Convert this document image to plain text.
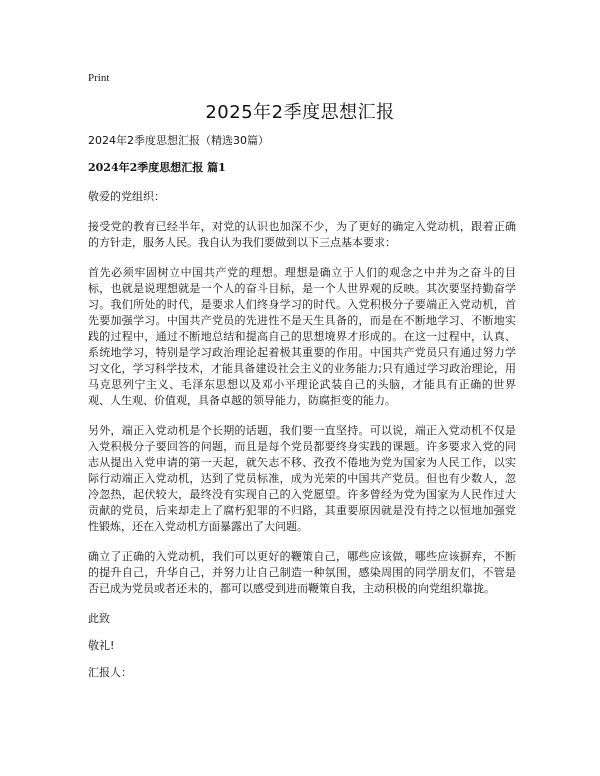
Print
2025年2季度思想汇报

2024年2季度思想汇报（精选30篇）

2024年2季度思想汇报 篇1

敬爱的党组织：

接受党的教育已经半年，对党的认识也加深不少，为了更好的确定入党动机，跟着正确的方针走，服务人民。我自认为我们要做到以下三点基本要求：

首先必须牢固树立中国共产党的理想。理想是确立于人们的观念之中并为之奋斗的目标，也就是说理想就是一个人的奋斗目标，是一个人世界观的反映。其次要坚持勤奋学习。我们所处的时代，是要求人们终身学习的时代。入党积极分子要端正入党动机，首先要加强学习。中国共产党员的先进性不是天生具备的，而是在不断地学习、不断地实践的过程中，通过不断地总结和提高自己的思想境界才形成的。在这一过程中，认真、系统地学习，特别是学习政治理论起着极其重要的作用。中国共产党员只有通过努力学习文化，学习科学技术，才能具备建设社会主义的业务能力;只有通过学习政治理论，用马克思列宁主义、毛泽东思想以及邓小平理论武装自己的头脑，才能具有正确的世界观、人生观、价值观，具备卓越的领导能力，防腐拒变的能力。

另外，端正入党动机是个长期的话题，我们要一直坚持。可以说，端正入党动机不仅是入党积极分子要回答的问题，而且是每个党员都要终身实践的课题。许多要求入党的同志从提出入党申请的第一天起，就矢志不移、孜孜不倦地为党为国家为人民工作，以实际行动端正入党动机，达到了党员标准，成为光荣的中国共产党员。但也有少数人，忽冷忽热，起伏较大，最终没有实现自己的入党愿望。许多曾经为党为国家为人民作过大贡献的党员，后来却走上了腐朽犯罪的不归路，其重要原因就是没有持之以恒地加强党性锻炼，还在入党动机方面暴露出了大问题。

确立了正确的入党动机，我们可以更好的鞭策自己，哪些应该做，哪些应该摒弃，不断的提升自己，升华自己，并努力让自己制造一种氛围，感染周围的同学朋友们，不管是否已成为党员或者还未的，都可以感受到进而鞭策自我，主动积极的向党组织靠拢。

此致

敬礼!

汇报人：
